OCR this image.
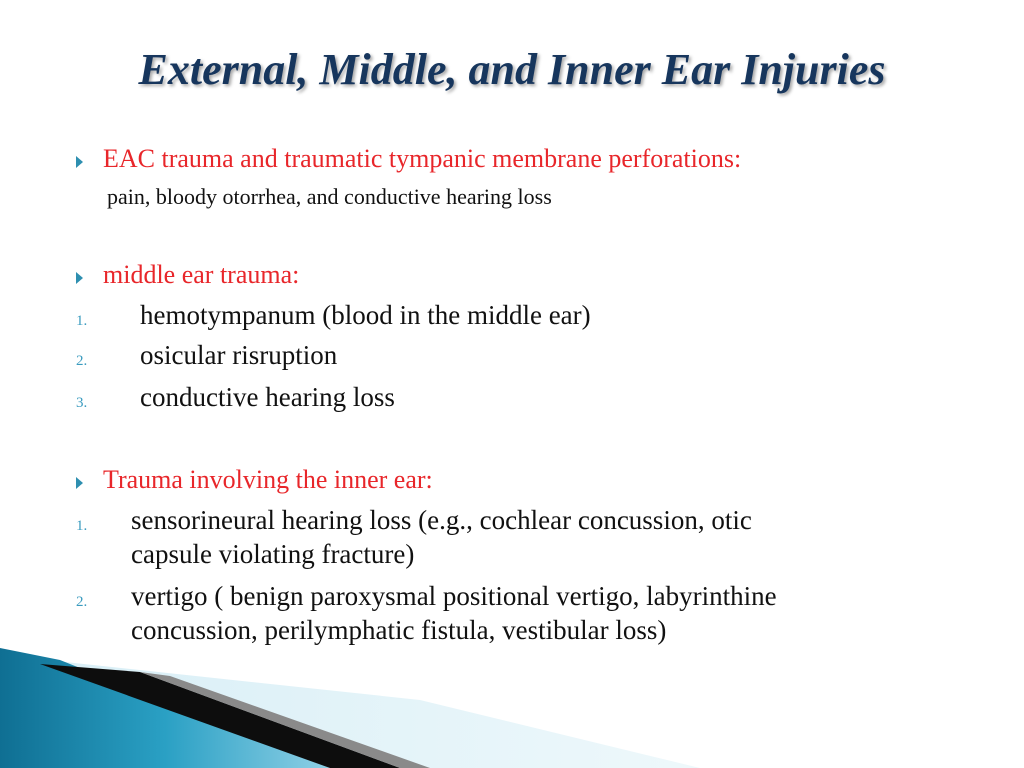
External, Middle, and Inner Ear Injuries
EAC trauma and traumatic tympanic membrane perforations:
pain, bloody otorrhea, and conductive hearing loss
middle ear trauma:
1. hemotympanum (blood in the middle ear)
2. osicular risruption
3. conductive hearing loss
Trauma involving the inner ear:
1. sensorineural hearing loss (e.g., cochlear concussion, otic
capsule violating fracture)
2. vertigo ( benign paroxysmal positional vertigo, labyrinthine
concussion, perilymphatic fistula, vestibular loss)
